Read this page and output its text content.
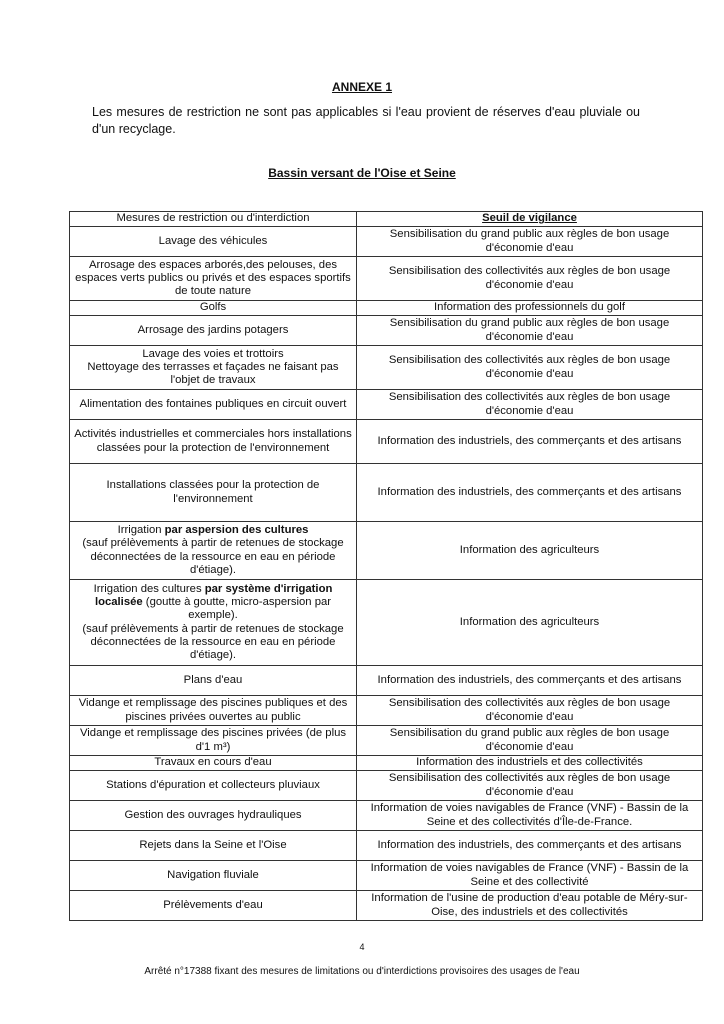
ANNEXE 1
Les mesures de restriction ne sont pas applicables si l'eau provient de réserves d'eau pluviale ou d'un recyclage.
Bassin versant de l'Oise et Seine
Mesures de restriction ou d'interdiction	Seuil de vigilance
Lavage des véhicules	Sensibilisation du grand public aux règles de bon usage d'économie d'eau
Arrosage des espaces arborés,des pelouses, des espaces verts publics ou privés et des espaces sportifs de toute nature	Sensibilisation des collectivités aux règles de bon usage d'économie d'eau
Golfs	Information des professionnels du golf
Arrosage des jardins potagers	Sensibilisation du grand public aux règles de bon usage d'économie d'eau
Lavage des voies et trottoirs
Nettoyage des terrasses et façades ne faisant pas l'objet de travaux	Sensibilisation des collectivités aux règles de bon usage d'économie d'eau
Alimentation des fontaines publiques en circuit ouvert	Sensibilisation des collectivités aux règles de bon usage d'économie d'eau
Activités industrielles et commerciales hors installations classées pour la protection de l'environnement	Information des industriels, des commerçants et des artisans
Installations classées pour la protection de l'environnement	Information des industriels, des commerçants et des artisans
Irrigation par aspersion des cultures
(sauf prélèvements à partir de retenues de stockage déconnectées de la ressource en eau en période d'étiage).	Information des agriculteurs
Irrigation des cultures par système d'irrigation localisée (goutte à goutte, micro-aspersion par exemple).
(sauf prélèvements à partir de retenues de stockage déconnectées de la ressource en eau en période d'étiage).	Information des agriculteurs
Plans d'eau	Information des industriels, des commerçants et des artisans
Vidange et remplissage des piscines publiques et des piscines privées ouvertes au public	Sensibilisation des collectivités aux règles de bon usage d'économie d'eau
Vidange et remplissage des piscines privées (de plus d'1 m³)	Sensibilisation du grand public aux règles de bon usage d'économie d'eau
Travaux en cours d'eau	Information des industriels et des collectivités
Stations d'épuration et collecteurs pluviaux	Sensibilisation des collectivités aux règles de bon usage d'économie d'eau
Gestion des ouvrages hydrauliques	Information de voies navigables de France (VNF) - Bassin de la Seine et des collectivités d'Île-de-France.
Rejets dans la Seine et l'Oise	Information des industriels, des commerçants et des artisans
Navigation fluviale	Information de voies navigables de France (VNF) - Bassin de la Seine et des collectivité
Prélèvements d'eau	Information de l'usine de production d'eau potable de Méry-sur-Oise, des industriels et des collectivités
4
Arrêté n°17388 fixant des mesures de limitations ou d'interdictions provisoires des usages de l'eau
